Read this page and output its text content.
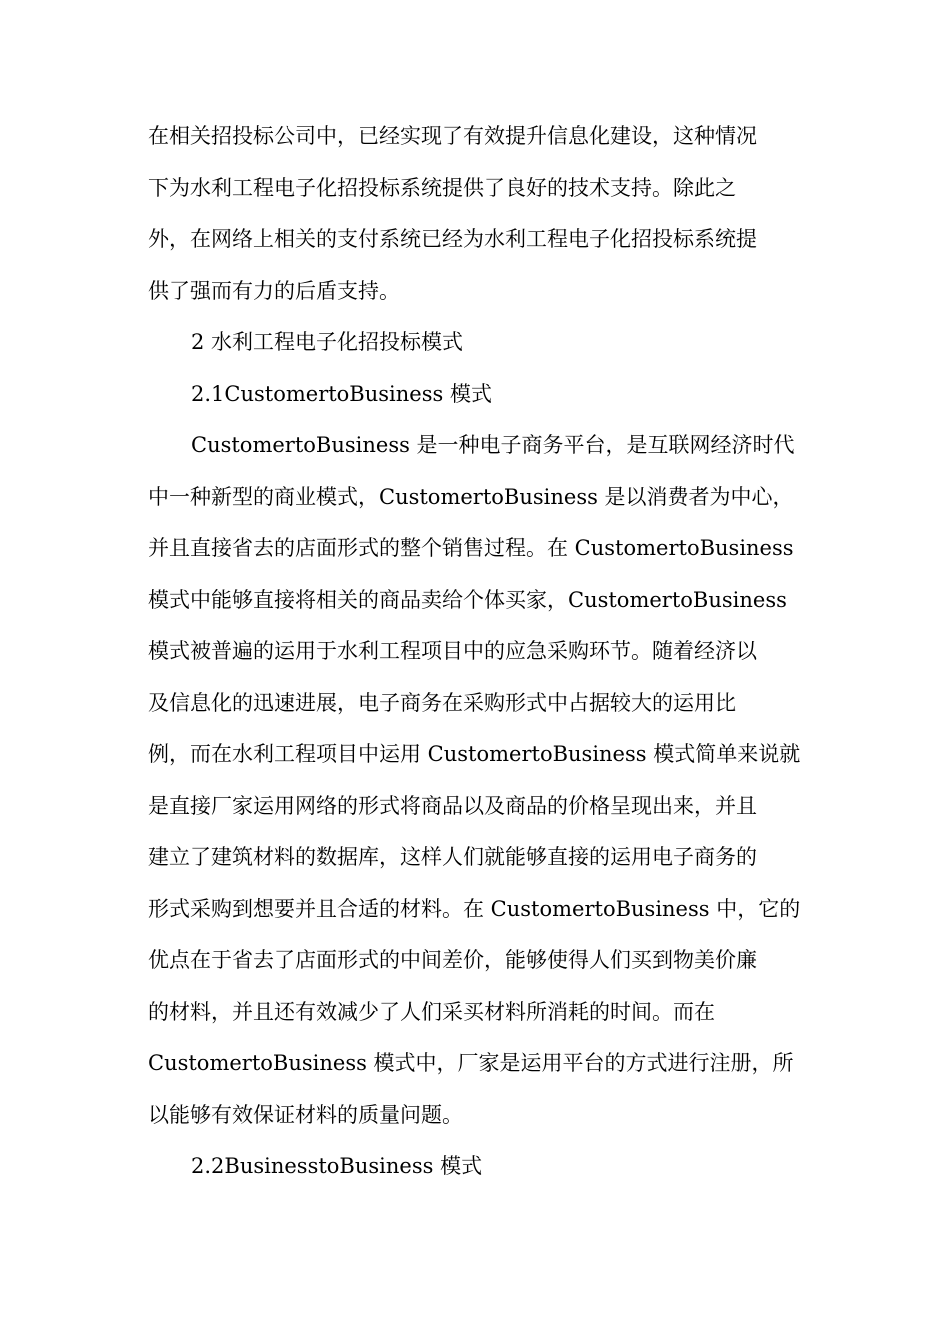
在相关招投标公司中，已经实现了有效提升信息化建设，这种情况
下为水利工程电子化招投标系统提供了良好的技术支持。除此之
外，在网络上相关的支付系统已经为水利工程电子化招投标系统提
供了强而有力的后盾支持。
2 水利工程电子化招投标模式
2.1CustomertoBusiness 模式
CustomertoBusiness 是一种电子商务平台，是互联网经济时代
中一种新型的商业模式，CustomertoBusiness 是以消费者为中心，
并且直接省去的店面形式的整个销售过程。在 CustomertoBusiness
模式中能够直接将相关的商品卖给个体买家，CustomertoBusiness
模式被普遍的运用于水利工程项目中的应急采购环节。随着经济以
及信息化的迅速进展，电子商务在采购形式中占据较大的运用比
例，而在水利工程项目中运用 CustomertoBusiness 模式简单来说就
是直接厂家运用网络的形式将商品以及商品的价格呈现出来，并且
建立了建筑材料的数据库，这样人们就能够直接的运用电子商务的
形式采购到想要并且合适的材料。在 CustomertoBusiness 中，它的
优点在于省去了店面形式的中间差价，能够使得人们买到物美价廉
的材料，并且还有效减少了人们采买材料所消耗的时间。而在
CustomertoBusiness 模式中，厂家是运用平台的方式进行注册，所
以能够有效保证材料的质量问题。
2.2BusinesstoBusiness 模式
